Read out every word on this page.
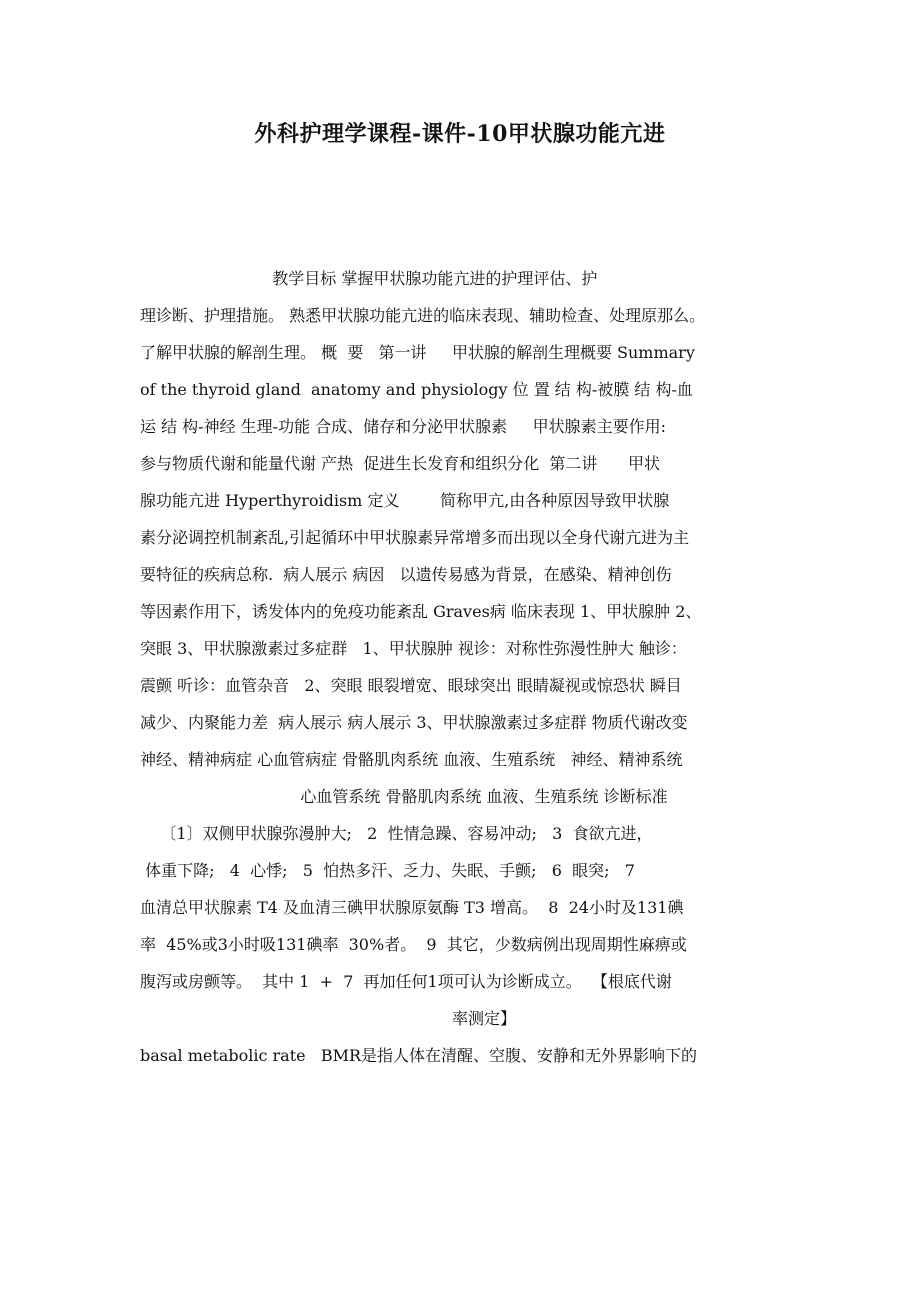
外科护理学课程-课件-10甲状腺功能亢进
教学目标 掌握甲状腺功能亢进的护理评估、护
理诊断、护理措施。 熟悉甲状腺功能亢进的临床表现、辅助检查、处理原那么。
了解甲状腺的解剖生理。 概  要   第一讲     甲状腺的解剖生理概要 Summary
of the thyroid gland  anatomy and physiology 位 置 结 构-被膜 结 构-血
运 结 构-神经 生理-功能 合成、储存和分泌甲状腺素     甲状腺素主要作用:
参与物质代谢和能量代谢 产热  促进生长发育和组织分化  第二讲      甲状
腺功能亢进 Hyperthyroidism 定义        简称甲亢,由各种原因导致甲状腺
素分泌调控机制紊乱,引起循环中甲状腺素异常增多而出现以全身代谢亢进为主
要特征的疾病总称.  病人展示 病因   以遗传易感为背景，在感染、精神创伤
等因素作用下，诱发体内的免疫功能紊乱 Graves病 临床表现 1、甲状腺肿 2、
突眼 3、甲状腺激素过多症群   1、甲状腺肿 视诊：对称性弥漫性肿大 触诊：
震颤 听诊：血管杂音   2、突眼 眼裂增宽、眼球突出 眼睛凝视或惊恐状 瞬目
减少、内聚能力差  病人展示 病人展示 3、甲状腺激素过多症群 物质代谢改变
神经、精神病症 心血管病症 骨骼肌肉系统 血液、生殖系统   神经、精神系统
心血管系统 骨骼肌肉系统 血液、生殖系统 诊断标准
〔1〕双侧甲状腺弥漫肿大;   2  性情急躁、容易冲动;   3  食欲亢进，
体重下降;   4  心悸;   5  怕热多汗、乏力、失眠、手颤;   6  眼突;   7
血清总甲状腺素 T4 及血清三碘甲状腺原氨酶 T3 增高。  8  24小时及131碘
率  45%或3小时吸131碘率  30%者。  9  其它，少数病例出现周期性麻痹或
腹泻或房颤等。  其中 1  +  7  再加任何1项可认为诊断成立。  【根底代谢
率测定】
basal metabolic rate   BMR是指人体在清醒、空腹、安静和无外界影响下的
